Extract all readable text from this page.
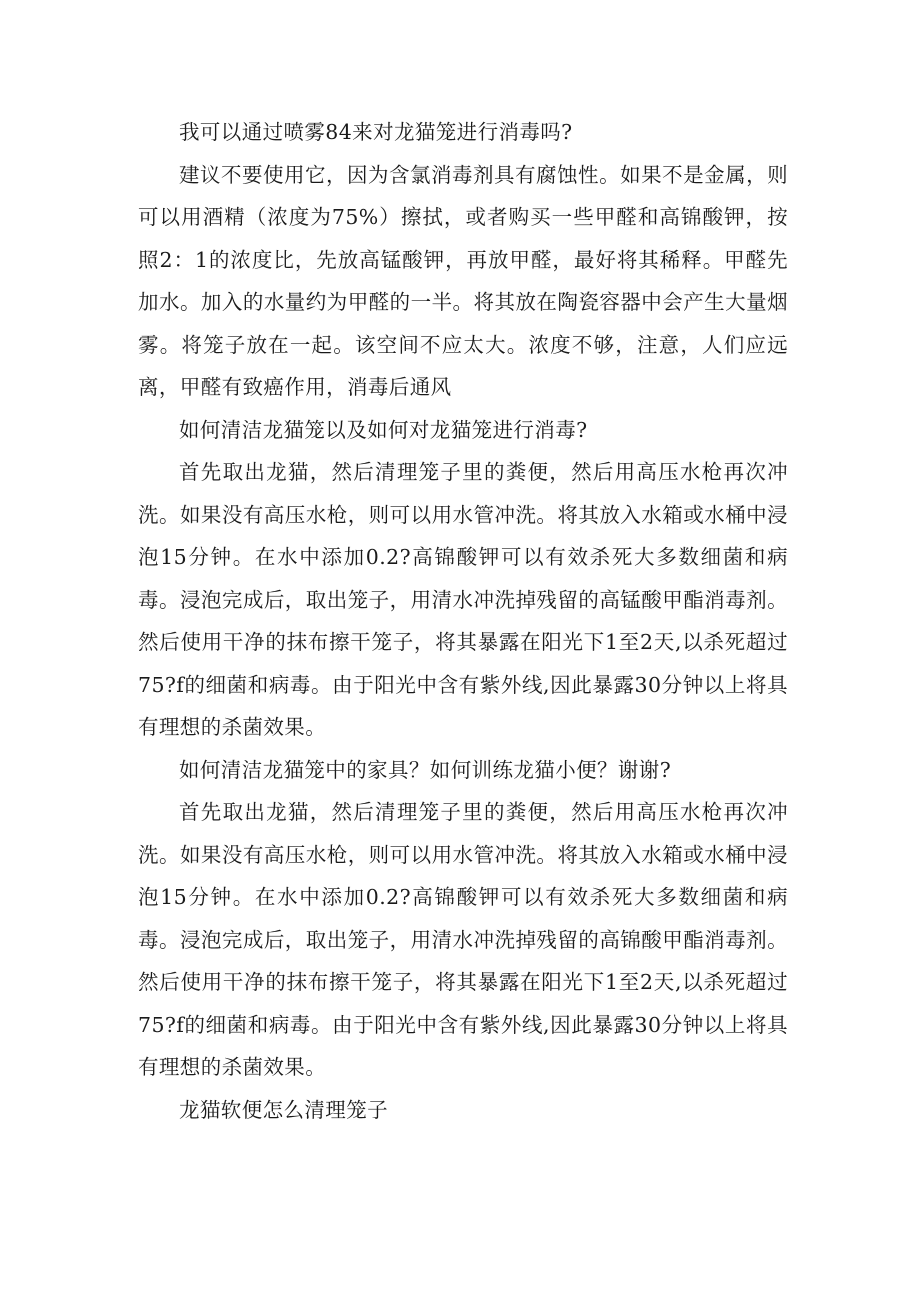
我可以通过喷雾84来对龙猫笼进行消毒吗?

建议不要使用它，因为含氯消毒剂具有腐蚀性。如果不是金属，则可以用酒精（浓度为75%）擦拭，或者购买一些甲醛和高锦酸钾，按照2：1的浓度比，先放高锰酸钾，再放甲醛，最好将其稀释。甲醛先加水。加入的水量约为甲醛的一半。将其放在陶瓷容器中会产生大量烟雾。将笼子放在一起。该空间不应太大。浓度不够，注意，人们应远离，甲醛有致癌作用，消毒后通风

如何清洁龙猫笼以及如何对龙猫笼进行消毒?

首先取出龙猫，然后清理笼子里的粪便，然后用高压水枪再次冲洗。如果没有高压水枪，则可以用水管冲洗。将其放入水箱或水桶中浸泡15分钟。在水中添加0.2?高锦酸钾可以有效杀死大多数细菌和病毒。浸泡完成后，取出笼子，用清水冲洗掉残留的高锰酸甲酯消毒剂。然后使用干净的抹布擦干笼子，将其暴露在阳光下1至2天,以杀死超过75?f的细菌和病毒。由于阳光中含有紫外线,因此暴露30分钟以上将具有理想的杀菌效果。

如何清洁龙猫笼中的家具？如何训练龙猫小便？谢谢?

首先取出龙猫，然后清理笼子里的粪便，然后用高压水枪再次冲洗。如果没有高压水枪，则可以用水管冲洗。将其放入水箱或水桶中浸泡15分钟。在水中添加0.2?高锦酸钾可以有效杀死大多数细菌和病毒。浸泡完成后，取出笼子，用清水冲洗掉残留的高锦酸甲酯消毒剂。然后使用干净的抹布擦干笼子，将其暴露在阳光下1至2天,以杀死超过75?f的细菌和病毒。由于阳光中含有紫外线,因此暴露30分钟以上将具有理想的杀菌效果。

龙猫软便怎么清理笼子
